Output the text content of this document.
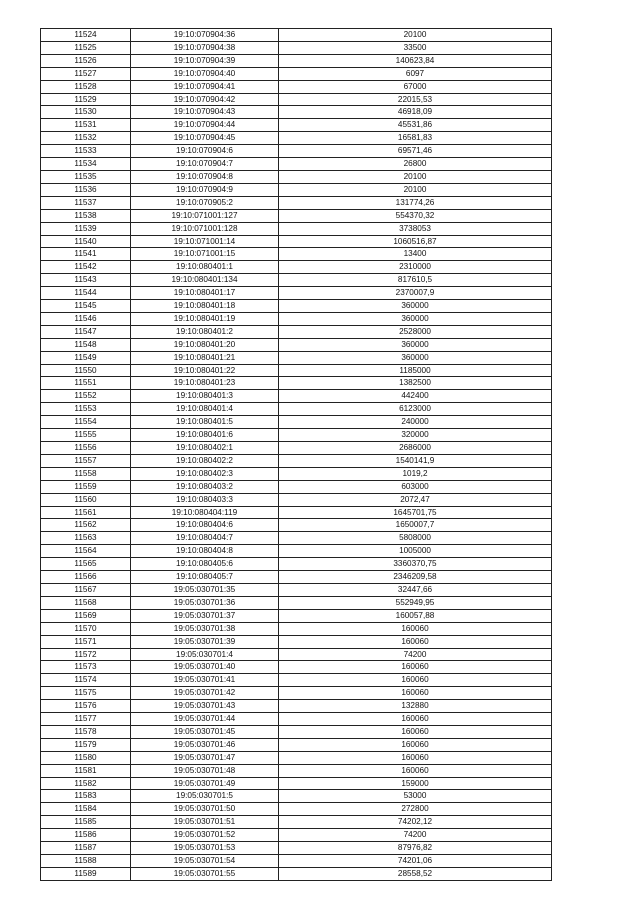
11524	19:10:070904:36	20100
11525	19:10:070904:38	33500
11526	19:10:070904:39	140623,84
11527	19:10:070904:40	6097
11528	19:10:070904:41	67000
11529	19:10:070904:42	22015,53
11530	19:10:070904:43	46918,09
11531	19:10:070904:44	45531,86
11532	19:10:070904:45	16581,83
11533	19:10:070904:6	69571,46
11534	19:10:070904:7	26800
11535	19:10:070904:8	20100
11536	19:10:070904:9	20100
11537	19:10:070905:2	131774,26
11538	19:10:071001:127	554370,32
11539	19:10:071001:128	3738053
11540	19:10:071001:14	1060516,87
11541	19:10:071001:15	13400
11542	19:10:080401:1	2310000
11543	19:10:080401:134	817610,5
11544	19:10:080401:17	2370007,9
11545	19:10:080401:18	360000
11546	19:10:080401:19	360000
11547	19:10:080401:2	2528000
11548	19:10:080401:20	360000
11549	19:10:080401:21	360000
11550	19:10:080401:22	1185000
11551	19:10:080401:23	1382500
11552	19:10:080401:3	442400
11553	19:10:080401:4	6123000
11554	19:10:080401:5	240000
11555	19:10:080401:6	320000
11556	19:10:080402:1	2686000
11557	19:10:080402:2	1540141,9
11558	19:10:080402:3	1019,2
11559	19:10:080403:2	603000
11560	19:10:080403:3	2072,47
11561	19:10:080404:119	1645701,75
11562	19:10:080404:6	1650007,7
11563	19:10:080404:7	5808000
11564	19:10:080404:8	1005000
11565	19:10:080405:6	3360370,75
11566	19:10:080405:7	2346209,58
11567	19:05:030701:35	32447,66
11568	19:05:030701:36	552949,95
11569	19:05:030701:37	160057,88
11570	19:05:030701:38	160060
11571	19:05:030701:39	160060
11572	19:05:030701:4	74200
11573	19:05:030701:40	160060
11574	19:05:030701:41	160060
11575	19:05:030701:42	160060
11576	19:05:030701:43	132880
11577	19:05:030701:44	160060
11578	19:05:030701:45	160060
11579	19:05:030701:46	160060
11580	19:05:030701:47	160060
11581	19:05:030701:48	160060
11582	19:05:030701:49	159000
11583	19:05:030701:5	53000
11584	19:05:030701:50	272800
11585	19:05:030701:51	74202,12
11586	19:05:030701:52	74200
11587	19:05:030701:53	87976,82
11588	19:05:030701:54	74201,06
11589	19:05:030701:55	28558,52
